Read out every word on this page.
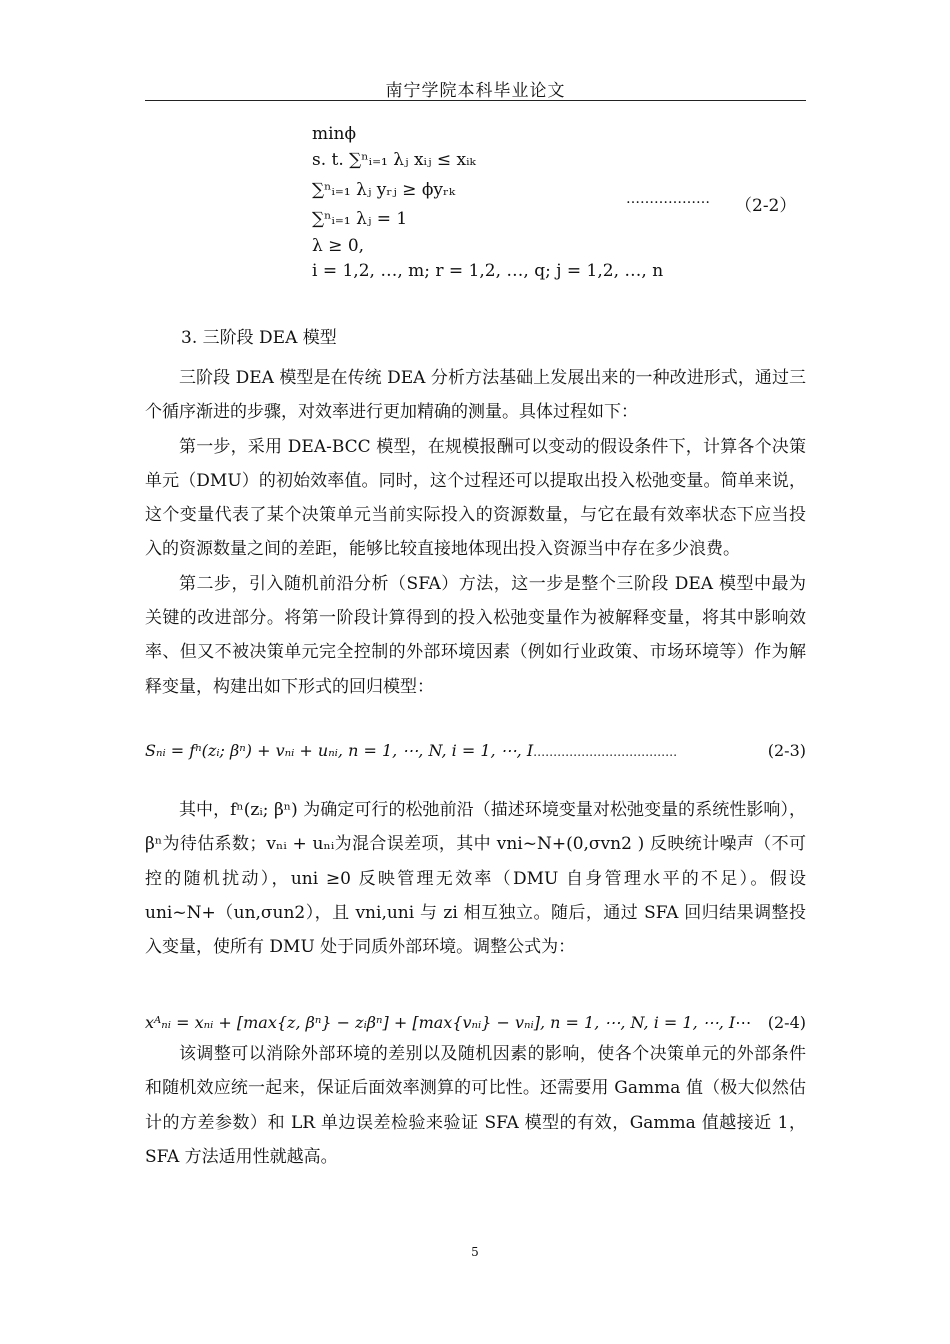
南宁学院本科毕业论文
minϕ
s. t. ∑ⁿᵢ₌₁ λⱼ xᵢⱼ ≤ xᵢₖ
∑ⁿᵢ₌₁ λⱼ yᵣⱼ ≥ ϕyᵣₖ
∑ⁿᵢ₌₁ λⱼ = 1
λ ≥ 0,
i = 1,2, …, m; r = 1,2, …, q; j = 1,2, …, n
……………… （2-2）
3. 三阶段 DEA 模型

三阶段 DEA 模型是在传统 DEA 分析方法基础上发展出来的一种改进形式，通过三个循序渐进的步骤，对效率进行更加精确的测量。具体过程如下：

第一步，采用 DEA-BCC 模型，在规模报酬可以变动的假设条件下，计算各个决策单元（DMU）的初始效率值。同时，这个过程还可以提取出投入松弛变量。简单来说，这个变量代表了某个决策单元当前实际投入的资源数量，与它在最有效率状态下应当投入的资源数量之间的差距，能够比较直接地体现出投入资源当中存在多少浪费。

第二步，引入随机前沿分析（SFA）方法，这一步是整个三阶段 DEA 模型中最为关键的改进部分。将第一阶段计算得到的投入松弛变量作为被解释变量，将其中影响效率、但又不被决策单元完全控制的外部环境因素（例如行业政策、市场环境等）作为解释变量，构建出如下形式的回归模型：

Sₙᵢ = fⁿ(zᵢ; βⁿ) + vₙᵢ + uₙᵢ, n = 1, ⋯, N, i = 1, ⋯, I………………………………	(2-3)

其中，fⁿ(zᵢ; βⁿ) 为确定可行的松弛前沿（描述环境变量对松弛变量的系统性影响），βⁿ为待估系数；vₙᵢ + uₙᵢ为混合误差项，其中 vni~N+(0,σvn2 ) 反映统计噪声（不可控的随机扰动），uni ≥0 反映管理无效率（DMU 自身管理水平的不足）。假设 uni~N+（un,σun2），且 vni,uni 与 zi 相互独立。随后，通过 SFA 回归结果调整投入变量，使所有 DMU 处于同质外部环境。调整公式为：

xᴬₙᵢ = xₙᵢ + [max{z, βⁿ} − zᵢβⁿ] + [max{vₙᵢ} − vₙᵢ], n = 1, ⋯, N, i = 1, ⋯, I⋯ (2-4)

该调整可以消除外部环境的差别以及随机因素的影响，使各个决策单元的外部条件和随机效应统一起来，保证后面效率测算的可比性。还需要用 Gamma 值（极大似然估计的方差参数）和 LR 单边误差检验来验证 SFA 模型的有效，Gamma 值越接近 1，SFA 方法适用性就越高。

5
